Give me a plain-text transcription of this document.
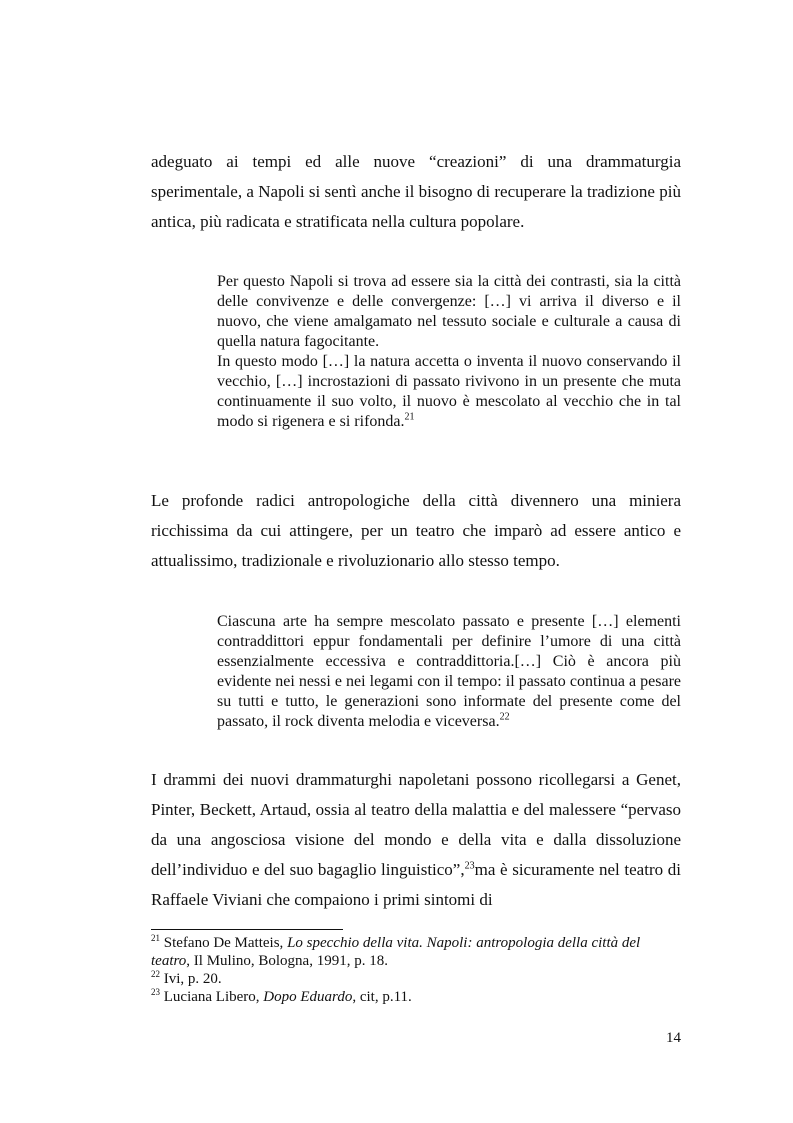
adeguato ai tempi ed alle nuove “creazioni” di una drammaturgia sperimentale, a Napoli si sentì anche il bisogno di recuperare la tradizione più antica, più radicata e stratificata nella cultura popolare.

Per questo Napoli si trova ad essere sia la città dei contrasti, sia la città delle convivenze e delle convergenze: […] vi arriva il diverso e il nuovo, che viene amalgamato nel tessuto sociale e culturale a causa di quella natura fagocitante.
In questo modo […] la natura accetta o inventa il nuovo conservando il vecchio, […] incrostazioni di passato rivivono in un presente che muta continuamente il suo volto, il nuovo è mescolato al vecchio che in tal modo si rigenera e si rifonda.$^{21}$

Le profonde radici antropologiche della città divennero una miniera ricchissima da cui attingere, per un teatro che imparò ad essere antico e attualissimo, tradizionale e rivoluzionario allo stesso tempo.

Ciascuna arte ha sempre mescolato passato e presente […] elementi contraddittori eppur fondamentali per definire l’umore di una città essenzialmente eccessiva e contraddittoria.[…] Ciò è ancora più evidente nei nessi e nei legami con il tempo: il passato continua a pesare su tutti e tutto, le generazioni sono informate del presente come del passato, il rock diventa melodia e viceversa.$^{22}$

I drammi dei nuovi drammaturghi napoletani possono ricollegarsi a Genet, Pinter, Beckett, Artaud, ossia al teatro della malattia e del malessere “pervaso da una angosciosa visione del mondo e della vita e dalla dissoluzione dell’individuo e del suo bagaglio linguistico”,$^{23}$ma è sicuramente nel teatro di Raffaele Viviani che compaiono i primi sintomi di

$^{21}$ Stefano De Matteis, Lo specchio della vita. Napoli: antropologia della città del teatro, Il Mulino, Bologna, 1991, p. 18.
$^{22}$ Ivi, p. 20.
$^{23}$ Luciana Libero, Dopo Eduardo, cit, p.11.
14
